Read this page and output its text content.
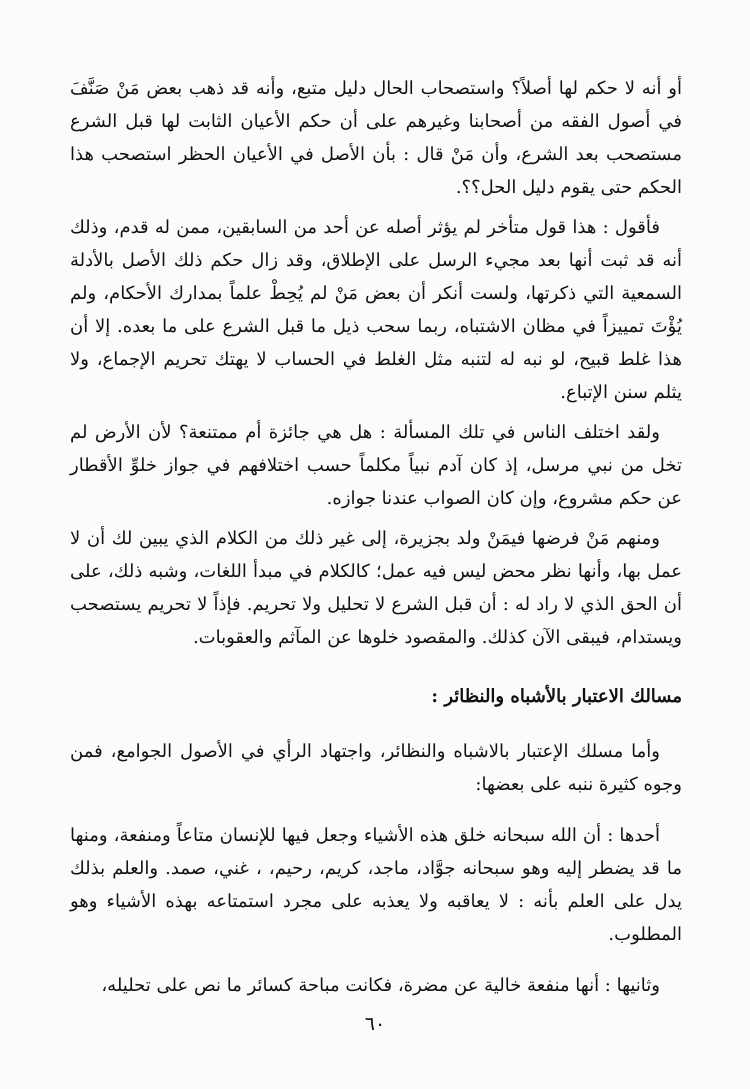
أو أنه لا حكم لها أصلاً؟ واستصحاب الحال دليل متبع، وأنه قد ذهب بعض مَنْ صَنَّفَ في أصول الفقه من أصحابنا وغيرهم على أن حكم الأعيان الثابت لها قبل الشرع مستصحب بعد الشرع، وأن مَنْ قال : بأن الأصل في الأعيان الحظر استصحب هذا الحكم حتى يقوم دليل الحل؟؟.

فأقول : هذا قول متأخر لم يؤثر أصله عن أحد من السابقين، ممن له قدم، وذلك أنه قد ثبت أنها بعد مجيء الرسل على الإطلاق، وقد زال حكم ذلك الأصل بالأدلة السمعية التي ذكرتها، ولست أنكر أن بعض مَنْ لم يُحِطْ علماً بمدارك الأحكام، ولم يُؤْتَ تمييزاً في مظان الاشتباه، ربما سحب ذيل ما قبل الشرع على ما بعده. إلا أن هذا غلط قبيح، لو نبه له لتنبه مثل الغلط في الحساب لا يهتك تحريم الإجماع، ولا يثلم سنن الإتباع.

ولقد اختلف الناس في تلك المسألة : هل هي جائزة أم ممتنعة؟ لأن الأرض لم تخل من نبي مرسل، إذ كان آدم نبياً مكلماً حسب اختلافهم في جواز خلوِّ الأقطار عن حكم مشروع، وإن كان الصواب عندنا جوازه.

ومنهم مَنْ فرضها فيمَنْ ولد بجزيرة، إلى غير ذلك من الكلام الذي يبين لك أن لا عمل بها، وأنها نظر محض ليس فيه عمل؛ كالكلام في مبدأ اللغات، وشبه ذلك، على أن الحق الذي لا راد له : أن قبل الشرع لا تحليل ولا تحريم. فإذاً لا تحريم يستصحب ويستدام، فيبقى الآن كذلك. والمقصود خلوها عن المآثم والعقوبات.

مسالك الاعتبار بالأشباه والنظائر :

وأما مسلك الإعتبار بالاشباه والنظائر، واجتهاد الرأي في الأصول الجوامع، فمن وجوه كثيرة ننبه على بعضها:

أحدها : أن الله سبحانه خلق هذه الأشياء وجعل فيها للإنسان متاعاً ومنفعة، ومنها ما قد يضطر إليه وهو سبحانه جوَّاد، ماجد، كريم، رحيم، ، غني، صمد. والعلم بذلك يدل على العلم بأنه : لا يعاقبه ولا يعذبه على مجرد استمتاعه بهذه الأشياء وهو المطلوب.

وثانيها : أنها منفعة خالية عن مضرة، فكانت مباحة كسائر ما نص على تحليله،

٦٠
